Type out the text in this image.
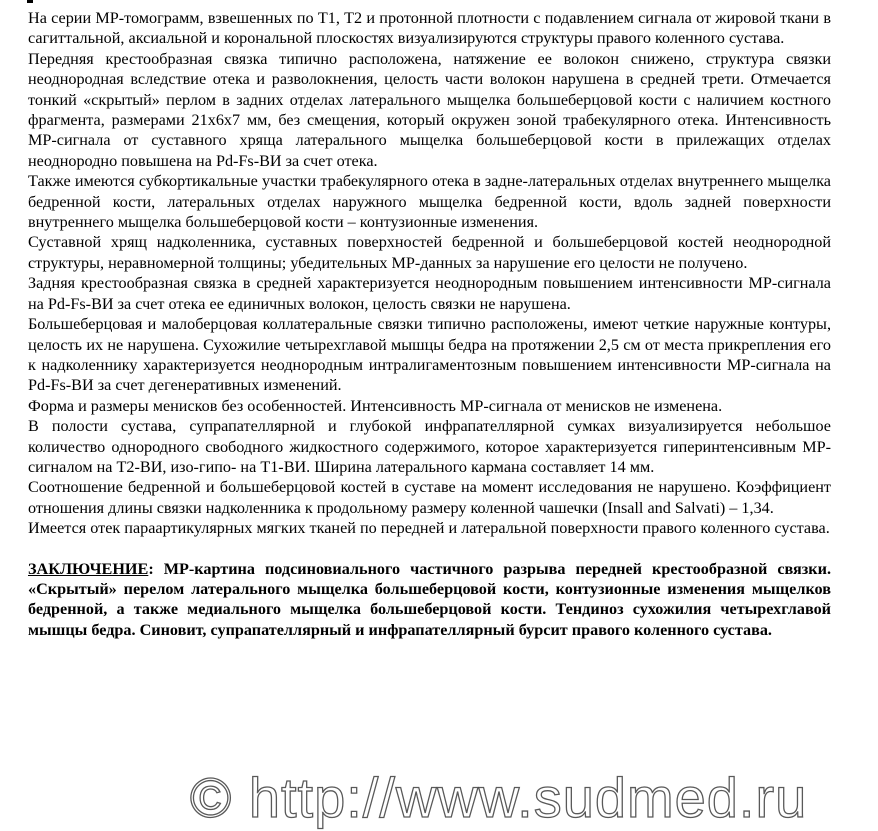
На серии МР-томограмм, взвешенных по Т1, Т2 и протонной плотности с подавлением сигнала от жировой ткани в сагиттальной, аксиальной и корональной плоскостях визуализируются структуры правого коленного сустава.

Передняя крестообразная связка типично расположена, натяжение ее волокон снижено, структура связки неоднородная вследствие отека и разволокнения, целость части волокон нарушена в средней трети. Отмечается тонкий «скрытый» перлом в задних отделах латерального мыщелка большеберцовой кости с наличием костного фрагмента, размерами 21х6х7 мм, без смещения, который окружен зоной трабекулярного отека. Интенсивность МР-сигнала от суставного хряща латерального мыщелка большеберцовой кости в прилежащих отделах неоднородно повышена на Pd-Fs-ВИ за счет отека.

Также имеются субкортикальные участки трабекулярного отека в задне-латеральных отделах внутреннего мыщелка бедренной кости, латеральных отделах наружного мыщелка бедренной кости, вдоль задней поверхности внутреннего мыщелка большеберцовой кости – контузионные изменения.

Суставной хрящ надколенника, суставных поверхностей бедренной и большеберцовой костей неоднородной структуры, неравномерной толщины; убедительных МР-данных за нарушение его целости не получено.

Задняя крестообразная связка в средней характеризуется неоднородным повышением интенсивности МР-сигнала на Pd-Fs-ВИ за счет отека ее единичных волокон, целость связки не нарушена.

Большеберцовая и малоберцовая коллатеральные связки типично расположены, имеют четкие наружные контуры, целость их не нарушена. Сухожилие четырехглавой мышцы бедра на протяжении 2,5 см от места прикрепления его к надколеннику характеризуется неоднородным интралигаментозным повышением интенсивности МР-сигнала на Pd-Fs-ВИ за счет дегенеративных изменений.

Форма и размеры менисков без особенностей. Интенсивность МР-сигнала от менисков не изменена.

В полости сустава, супрапателлярной и глубокой инфрапателлярной сумках визуализируется небольшое количество однородного свободного жидкостного содержимого, которое характеризуется гиперинтенсивным МР-сигналом на Т2-ВИ, изо-гипо- на Т1-ВИ. Ширина латерального кармана составляет 14 мм.

Соотношение бедренной и большеберцовой костей в суставе на момент исследования не нарушено. Коэффициент отношения длины связки надколенника к продольному размеру коленной чашечки (Insall and Salvati) – 1,34.

Имеется отек параартикулярных мягких тканей по передней и латеральной поверхности правого коленного сустава.

ЗАКЛЮЧЕНИЕ: МР-картина подсиновиального частичного разрыва передней крестообразной связки. «Скрытый» перелом латерального мыщелка большеберцовой кости, контузионные изменения мыщелков бедренной, а также медиального мыщелка большеберцовой кости. Тендиноз сухожилия четырехглавой мышцы бедра. Синовит, супрапателлярный и инфрапателлярный бурсит правого коленного сустава.

© http://www.sudmed.ru
